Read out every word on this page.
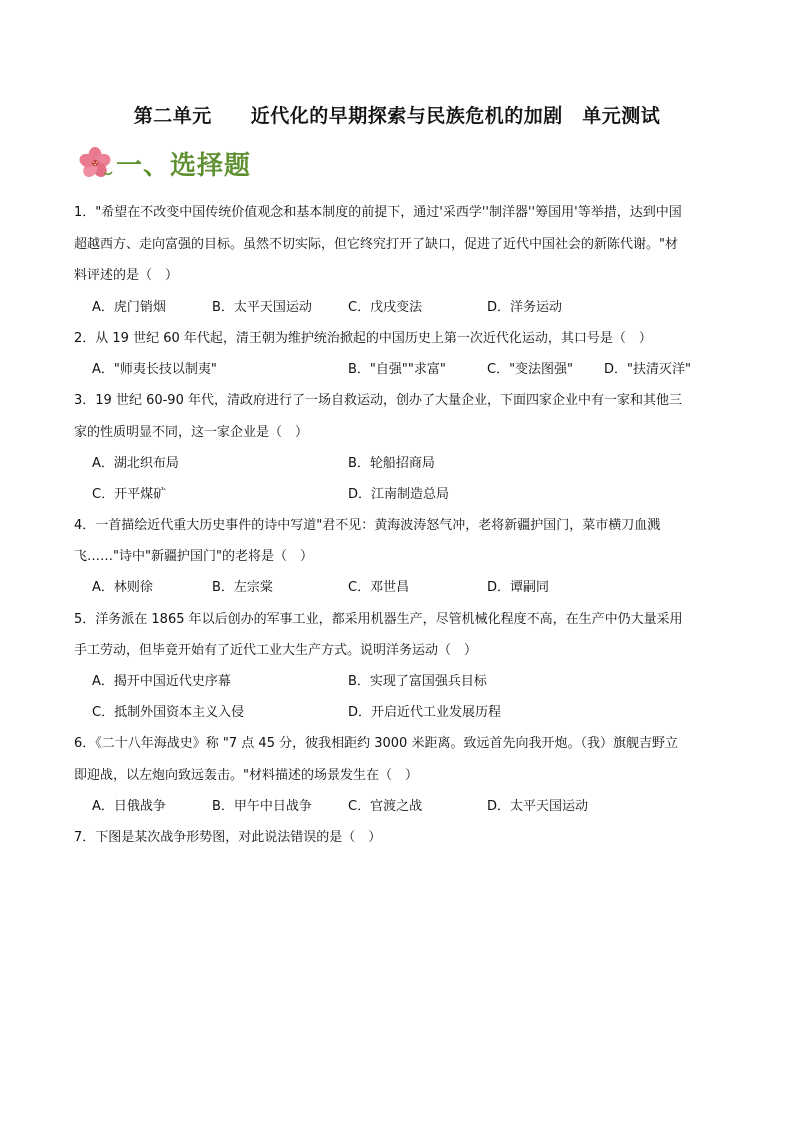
第二单元　　近代化的早期探索与民族危机的加剧　单元测试
一、选择题
1．"希望在不改变中国传统价值观念和基本制度的前提下，通过'采西学''制洋器''筹国用'等举措，达到中国
超越西方、走向富强的目标。虽然不切实际，但它终究打开了缺口，促进了近代中国社会的新陈代谢。"材
料评述的是（　）
A．虎门销烟	B．太平天国运动	C．戊戌变法	D．洋务运动
2．从 19 世纪 60 年代起，清王朝为维护统治掀起的中国历史上第一次近代化运动，其口号是（　）
A．"师夷长技以制夷"	B．"自强""求富"	C．"变法图强" D．"扶清灭洋"
3．19 世纪 60-90 年代，清政府进行了一场自救运动，创办了大量企业，下面四家企业中有一家和其他三
家的性质明显不同，这一家企业是（　）
A．湖北织布局	B．轮船招商局
C．开平煤矿	D．江南制造总局
4．一首描绘近代重大历史事件的诗中写道"君不见：黄海波涛怒气冲，老将新疆护国门，菜市横刀血溅
飞……"诗中"新疆护国门"的老将是（　）
A．林则徐	B．左宗棠	C．邓世昌	D．谭嗣同
5．洋务派在 1865 年以后创办的军事工业，都采用机器生产，尽管机械化程度不高，在生产中仍大量采用
手工劳动，但毕竟开始有了近代工业大生产方式。说明洋务运动（　）
A．揭开中国近代史序幕	B．实现了富国强兵目标
C．抵制外国资本主义入侵	D．开启近代工业发展历程
6．《二十八年海战史》称 "7 点 45 分，彼我相距约 3000 米距离。致远首先向我开炮。（我）旗舰吉野立
即迎战，以左炮向致远轰击。"材料描述的场景发生在（　）
A．日俄战争	B．甲午中日战争	C．官渡之战	D．太平天国运动
7．下图是某次战争形势图，对此说法错误的是（　）
